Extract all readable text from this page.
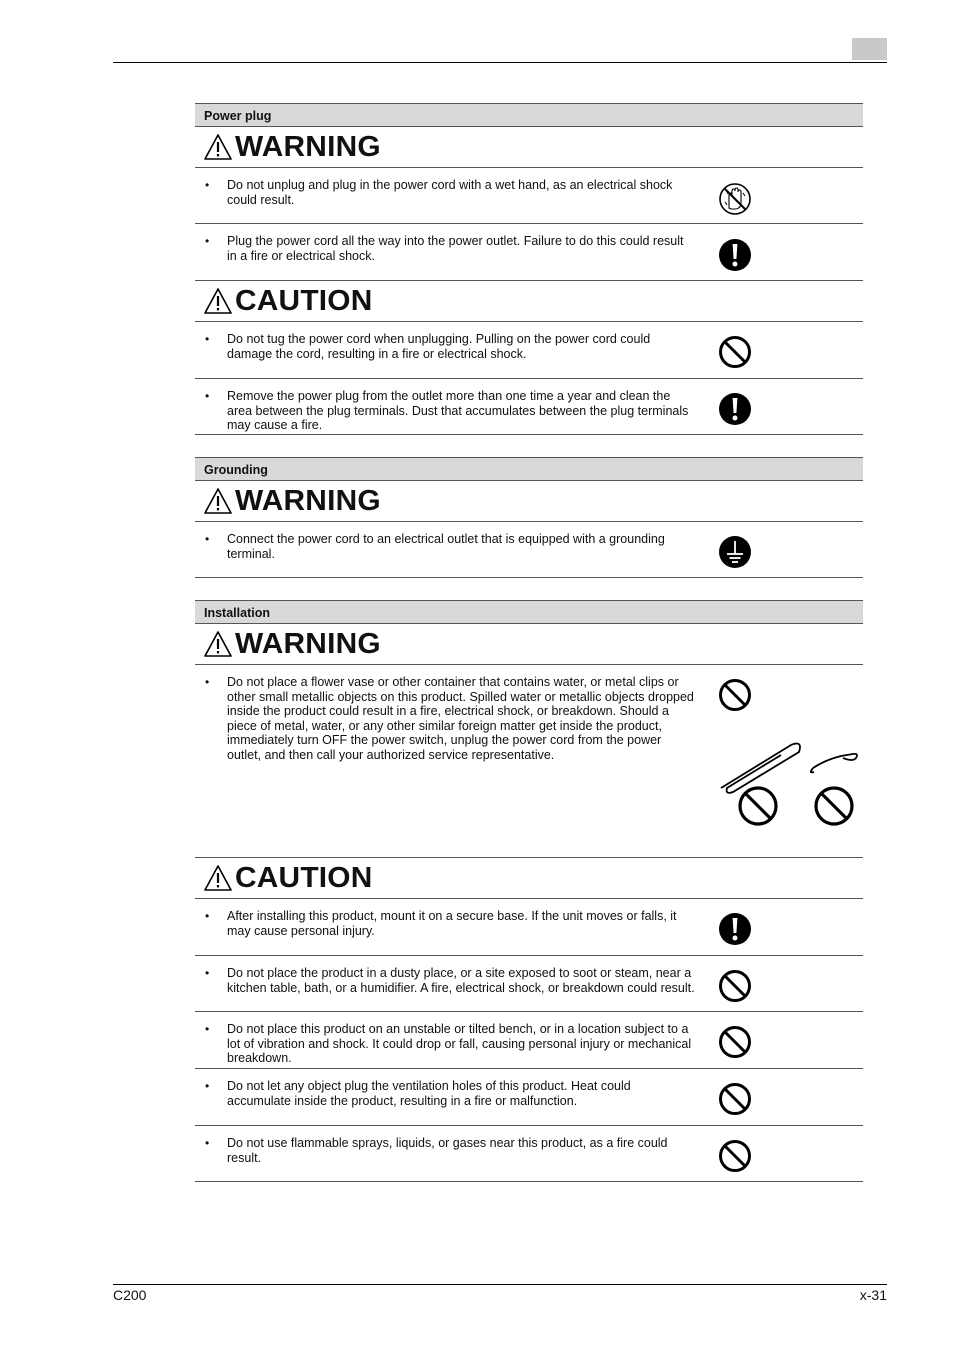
Power plug
WARNING
• Do not unplug and plug in the power cord with a wet hand, as an electrical shock could result.
• Plug the power cord all the way into the power outlet. Failure to do this could result in a fire or electrical shock.
CAUTION
• Do not tug the power cord when unplugging. Pulling on the power cord could damage the cord, resulting in a fire or electrical shock.
• Remove the power plug from the outlet more than one time a year and clean the area between the plug terminals. Dust that accumulates between the plug terminals may cause a fire.
Grounding
WARNING
• Connect the power cord to an electrical outlet that is equipped with a grounding terminal.
Installation
WARNING
• Do not place a flower vase or other container that contains water, or metal clips or other small metallic objects on this product. Spilled water or metallic objects dropped inside the product could result in a fire, electrical shock, or breakdown. Should a piece of metal, water, or any other similar foreign matter get inside the product, immediately turn OFF the power switch, unplug the power cord from the power outlet, and then call your authorized service representative.
CAUTION
• After installing this product, mount it on a secure base. If the unit moves or falls, it may cause personal injury.
• Do not place the product in a dusty place, or a site exposed to soot or steam, near a kitchen table, bath, or a humidifier. A fire, electrical shock, or breakdown could result.
• Do not place this product on an unstable or tilted bench, or in a location subject to a lot of vibration and shock. It could drop or fall, causing personal injury or mechanical breakdown.
• Do not let any object plug the ventilation holes of this product. Heat could accumulate inside the product, resulting in a fire or malfunction.
• Do not use flammable sprays, liquids, or gases near this product, as a fire could result.
C200	x-31
